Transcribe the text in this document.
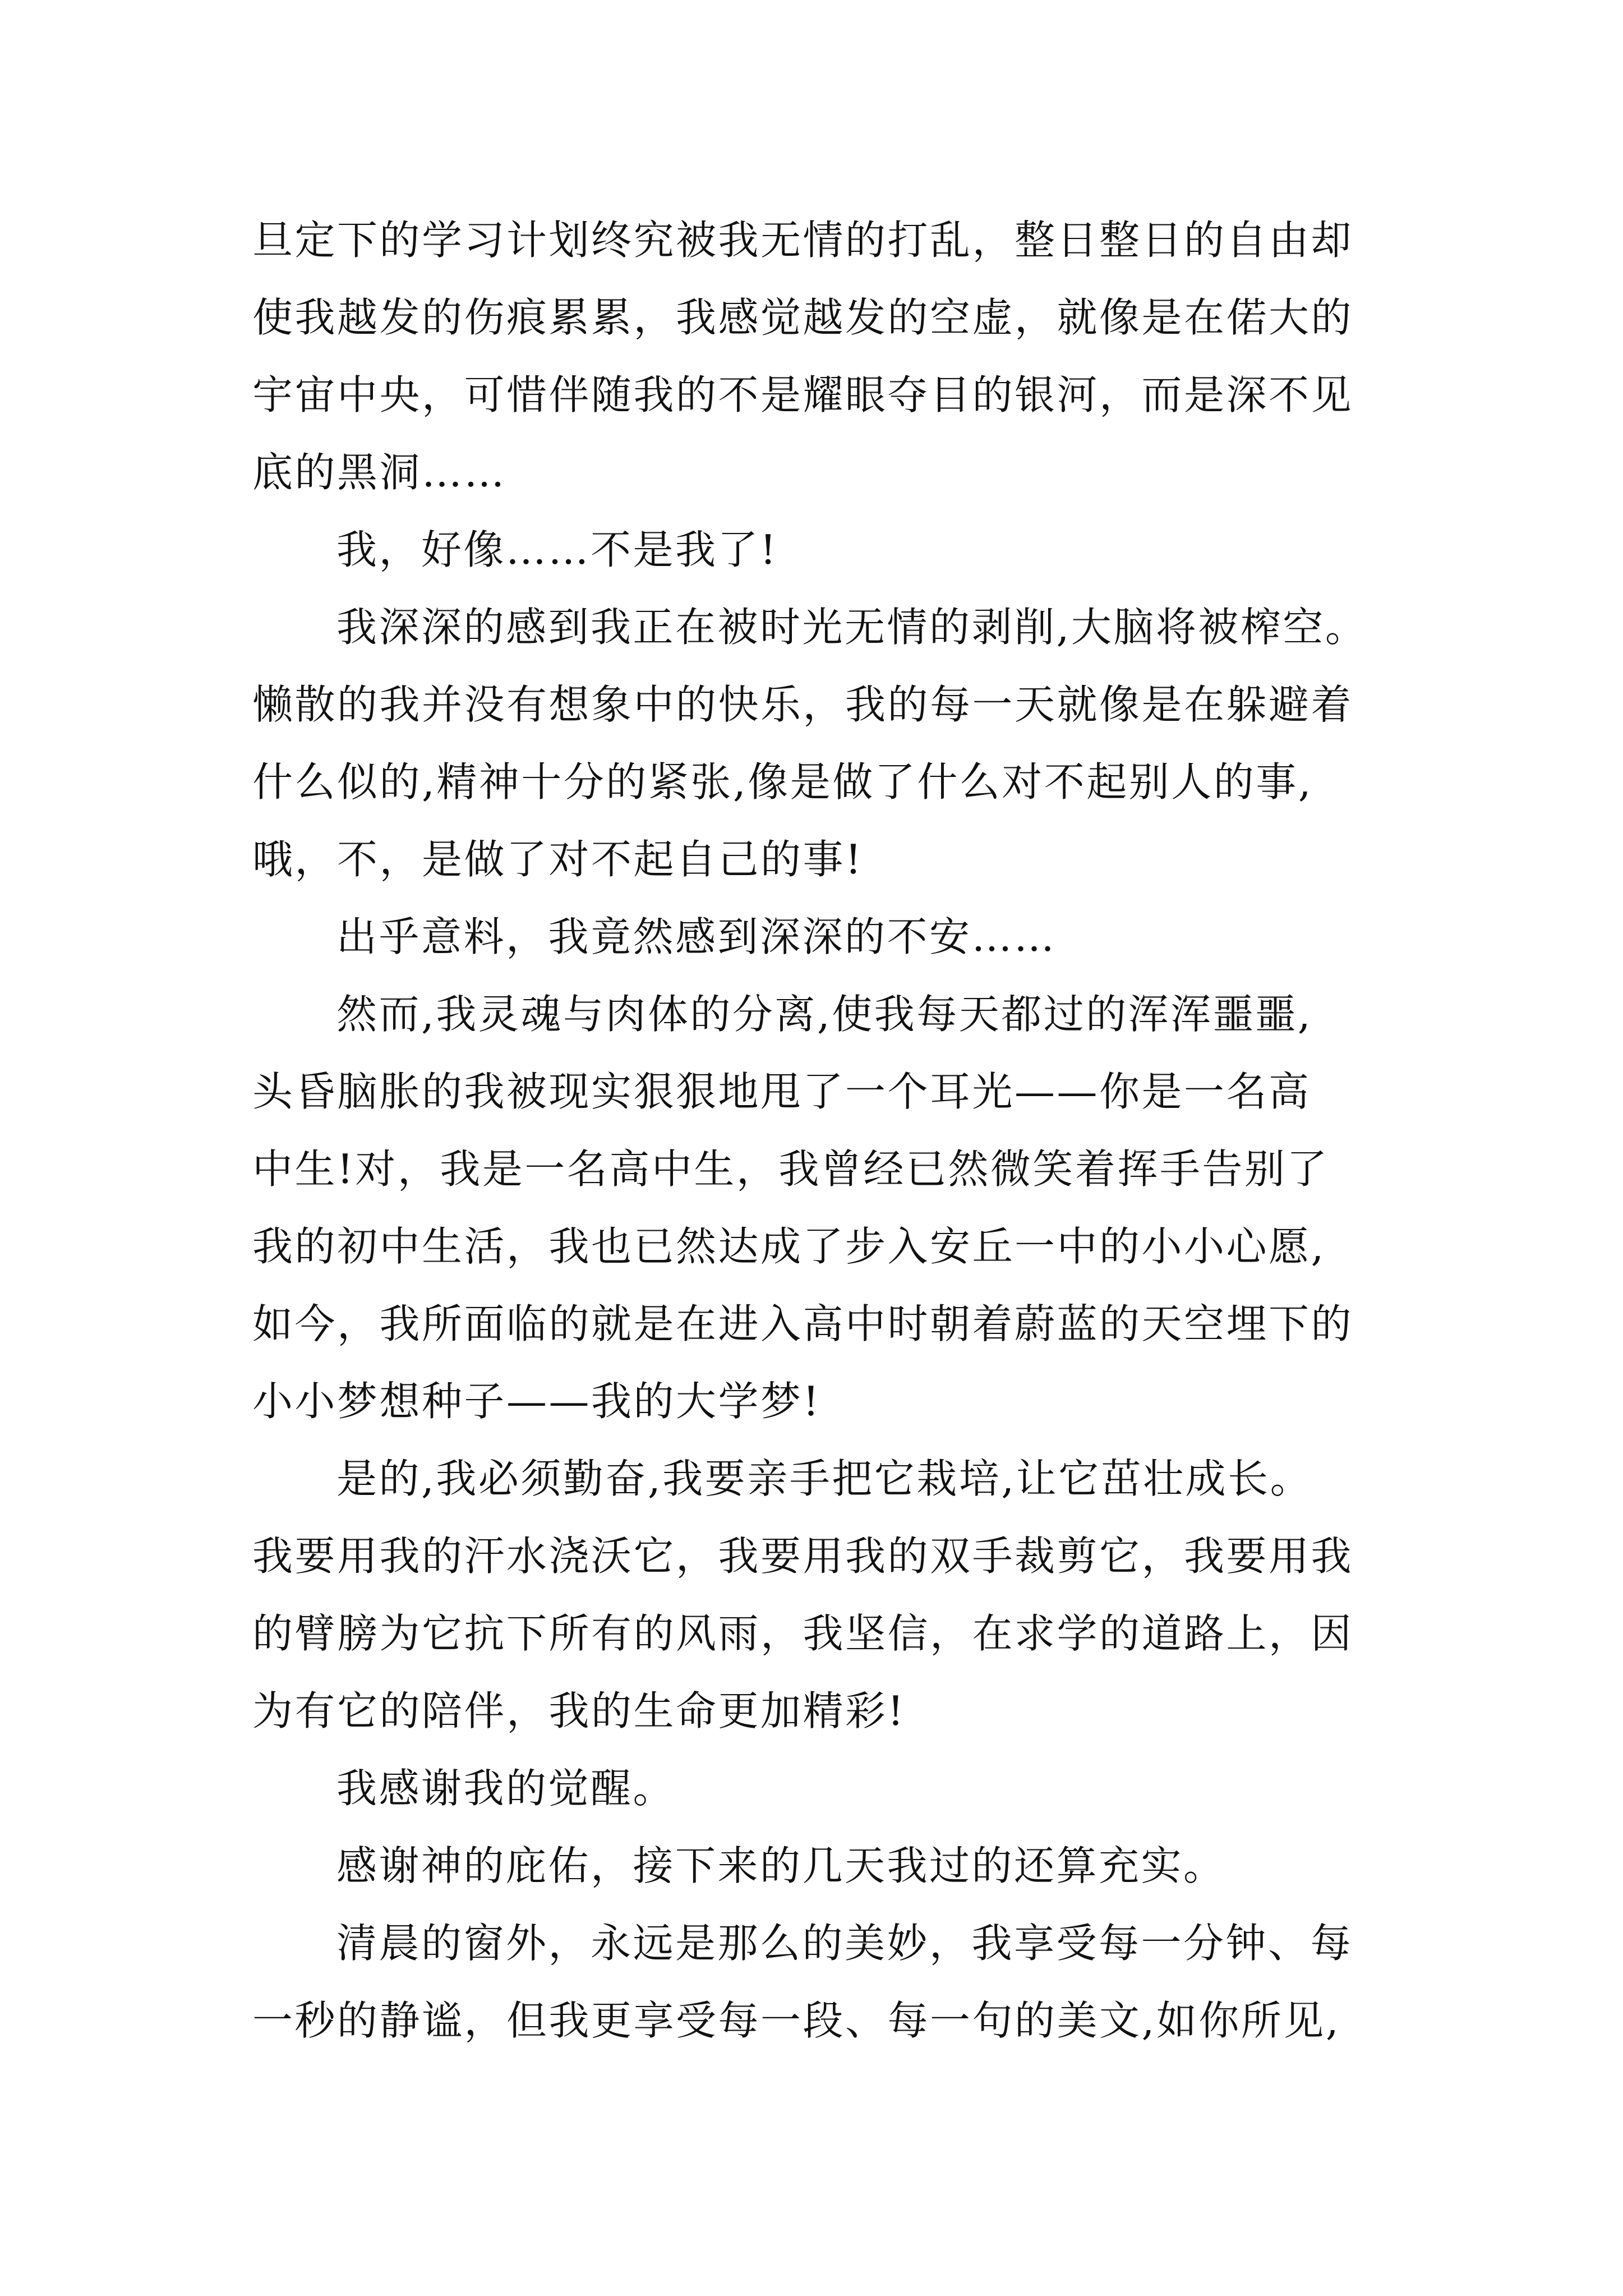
旦定下的学习计划终究被我无情的打乱，整日整日的自由却
使我越发的伤痕累累，我感觉越发的空虚，就像是在偌大的
宇宙中央，可惜伴随我的不是耀眼夺目的银河，而是深不见
底的黑洞……
我，好像……不是我了!
我深深的感到我正在被时光无情的剥削,大脑将被榨空。
懒散的我并没有想象中的快乐，我的每一天就像是在躲避着
什么似的,精神十分的紧张,像是做了什么对不起别人的事,
哦，不，是做了对不起自己的事!
出乎意料，我竟然感到深深的不安……
然而,我灵魂与肉体的分离,使我每天都过的浑浑噩噩,
头昏脑胀的我被现实狠狠地甩了一个耳光——你是一名高
中生!对，我是一名高中生，我曾经已然微笑着挥手告别了
我的初中生活，我也已然达成了步入安丘一中的小小心愿,
如今，我所面临的就是在进入高中时朝着蔚蓝的天空埋下的
小小梦想种子——我的大学梦!
是的,我必须勤奋,我要亲手把它栽培,让它茁壮成长。
我要用我的汗水浇沃它，我要用我的双手裁剪它，我要用我
的臂膀为它抗下所有的风雨，我坚信，在求学的道路上，因
为有它的陪伴，我的生命更加精彩!
我感谢我的觉醒。
感谢神的庇佑，接下来的几天我过的还算充实。
清晨的窗外，永远是那么的美妙，我享受每一分钟、每
一秒的静谧，但我更享受每一段、每一句的美文,如你所见,
